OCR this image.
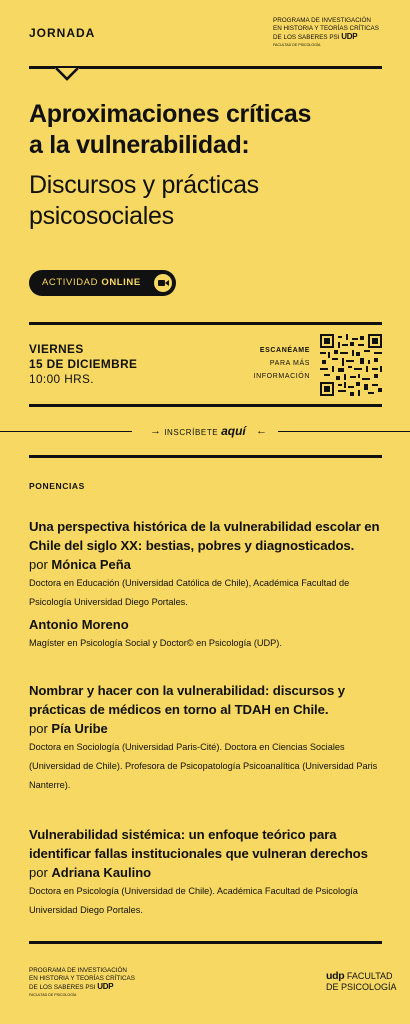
JORNADA
PROGRAMA DE INVESTIGACIÓN
EN HISTORIA Y TEORÍAS CRÍTICAS
DE LOS SABERES PSI UDP
FACULTAD DE PSICOLOGÍA
Aproximaciones críticas
a la vulnerabilidad:
Discursos y prácticas
psicosociales
ACTIVIDAD ONLINE
VIERNES
15 DE DICIEMBRE
10:00 HRS.
ESCANÉAME
PARA MÁS
INFORMACIÓN
→	←
INSCRÍBETE aquí
PONENCIAS
Una perspectiva histórica de la vulnerabilidad escolar en Chile del siglo XX: bestias, pobres y diagnosticados.
por Mónica Peña
Doctora en Educación (Universidad Católica de Chile), Académica Facultad de Psicología Universidad Diego Portales.
Antonio Moreno
Magíster en Psicología Social y Doctor© en Psicología (UDP).
Nombrar y hacer con la vulnerabilidad: discursos y prácticas de médicos en torno al TDAH en Chile.
por Pía Uribe
Doctora en Sociología (Universidad Paris-Cité). Doctora en Ciencias Sociales (Universidad de Chile). Profesora de Psicopatología Psicoanalítica (Universidad Paris Nanterre).
Vulnerabilidad sistémica: un enfoque teórico para identificar fallas institucionales que vulneran derechos
por Adriana Kaulino
Doctora en Psicología (Universidad de Chile). Académica Facultad de Psicología Universidad Diego Portales.
PROGRAMA DE INVESTIGACIÓN
EN HISTORIA Y TEORÍAS CRÍTICAS
DE LOS SABERES PSI UDP
FACULTAD DE PSICOLOGÍA
udp FACULTAD
DE PSICOLOGÍA
